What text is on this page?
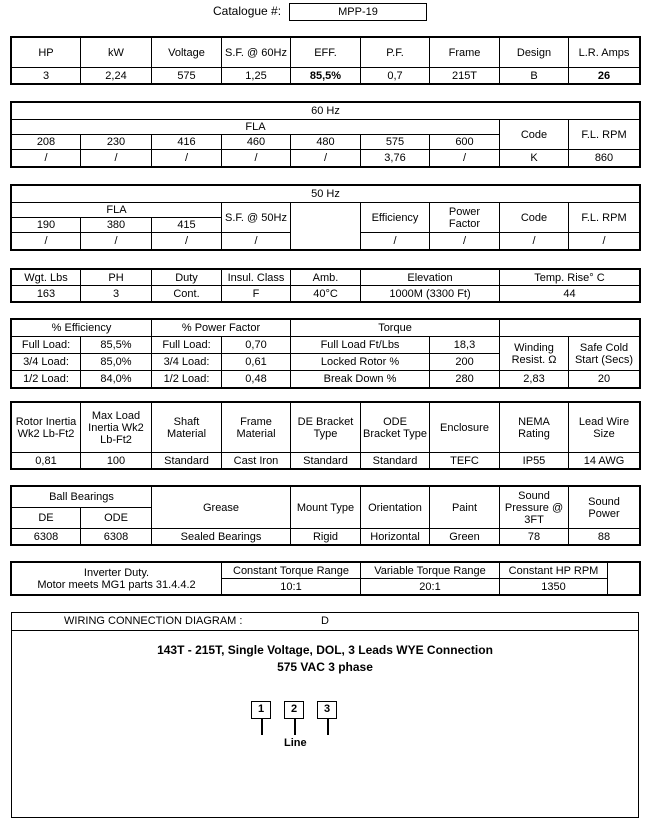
Catalogue #:	MPP-19
HP	kW	Voltage	S.F. @ 60Hz	EFF.	P.F.	Frame	Design	L.R. Amps
3	2,24	575	1,25	85,5%	0,7	215T	B	26
60 Hz								
FLA							Code	F.L. RPM
208	230	416	460	480	575	600		
/	/	/	/	/	3,76	/	K	860
50 Hz								
FLA			S.F. @ 50Hz		Efficiency	Power Factor	Code	F.L. RPM
190	380	415						
/	/	/	/		/	/	/	/
Wgt. Lbs	PH	Duty	Insul. Class	Amb.	Elevation	Temp. Rise° C
163	3	Cont.	F	40°C	1000M (3300 Ft)	44
% Efficiency		% Power Factor		Torque			
Full Load:	85,5%	Full Load:	0,70	Full Load Ft/Lbs	18,3	Winding Resist. Ω	Safe Cold Start (Secs)
3/4 Load:	85,0%	3/4 Load:	0,61	Locked Rotor %	200		
1/2 Load:	84,0%	1/2 Load:	0,48	Break Down %	280	2,83	20
Rotor Inertia Wk2 Lb-Ft2	Max Load Inertia Wk2 Lb-Ft2	Shaft Material	Frame Material	DE Bracket Type	ODE Bracket Type	Enclosure	NEMA Rating	Lead Wire Size
0,81	100	Standard	Cast Iron	Standard	Standard	TEFC	IP55	14 AWG
Ball Bearings		Grease	Mount Type	Orientation	Paint	Sound Pressure @ 3FT	Sound Power
DE	ODE						
6308	6308	Sealed Bearings	Rigid	Horizontal	Green	78	88
Inverter Duty.
Motor meets MG1 parts 31.4.4.2	Constant Torque Range	Variable Torque Range	Constant HP RPM	
	10:1	20:1	1350	
WIRING CONNECTION DIAGRAM :	D
143T - 215T, Single Voltage, DOL, 3 Leads WYE Connection
575 VAC 3 phase
1	2	3
Line
